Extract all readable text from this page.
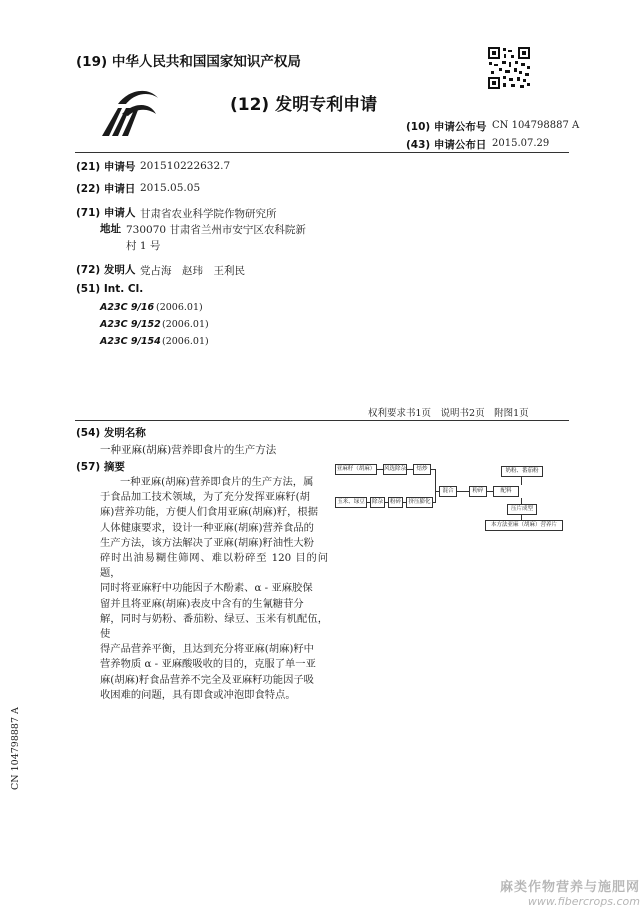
(19) 中华人民共和国国家知识产权局
(12) 发明专利申请
(10) 申请公布号 CN 104798887 A
(43) 申请公布日 2015.07.29
(21) 申请号 201510222632.7
(22) 申请日 2015.05.05
(71) 申请人 甘肃省农业科学院作物研究所
地址 730070 甘肃省兰州市安宁区农科院新
村 1 号
(72) 发明人 党占海　赵玮　王利民
(51) Int. Cl.
A23C 9/16 (2006.01)
A23C 9/152 (2006.01)
A23C 9/154 (2006.01)
权利要求书1页　说明书2页　附图1页
(54) 发明名称
一种亚麻(胡麻)营养即食片的生产方法
(57) 摘要
一种亚麻(胡麻)营养即食片的生产方法，属
于食品加工技术领域，为了充分发挥亚麻籽(胡
麻)营养功能，方便人们食用亚麻(胡麻)籽，根据
人体健康要求，设计一种亚麻(胡麻)营养食品的
生产方法，该方法解决了亚麻(胡麻)籽油性大粉
碎时出油易糊住筛网、难以粉碎至 120 目的问题，
同时将亚麻籽中功能因子木酚素、α - 亚麻胶保
留并且将亚麻(胡麻)表皮中含有的生氰糖苷分
解，同时与奶粉、番茄粉、绿豆、玉米有机配伍，使
得产品营养平衡，且达到充分将亚麻(胡麻)籽中
营养物质 α - 亚麻酸吸收的目的，克服了单一亚
麻(胡麻)籽食品营养不完全及亚麻籽功能因子吸
收困难的问题，具有即食或冲泡即食特点。
亚麻籽（胡麻）	风选除杂	焙炒
玉米、绿豆	除杂	粉碎	挤压膨化
混合	粉碎
奶粉、番茄粉
配料
压片成型
本方法亚麻（胡麻）营养片
CN 104798887 A
麻类作物营养与施肥网
www.fibercrops.com
